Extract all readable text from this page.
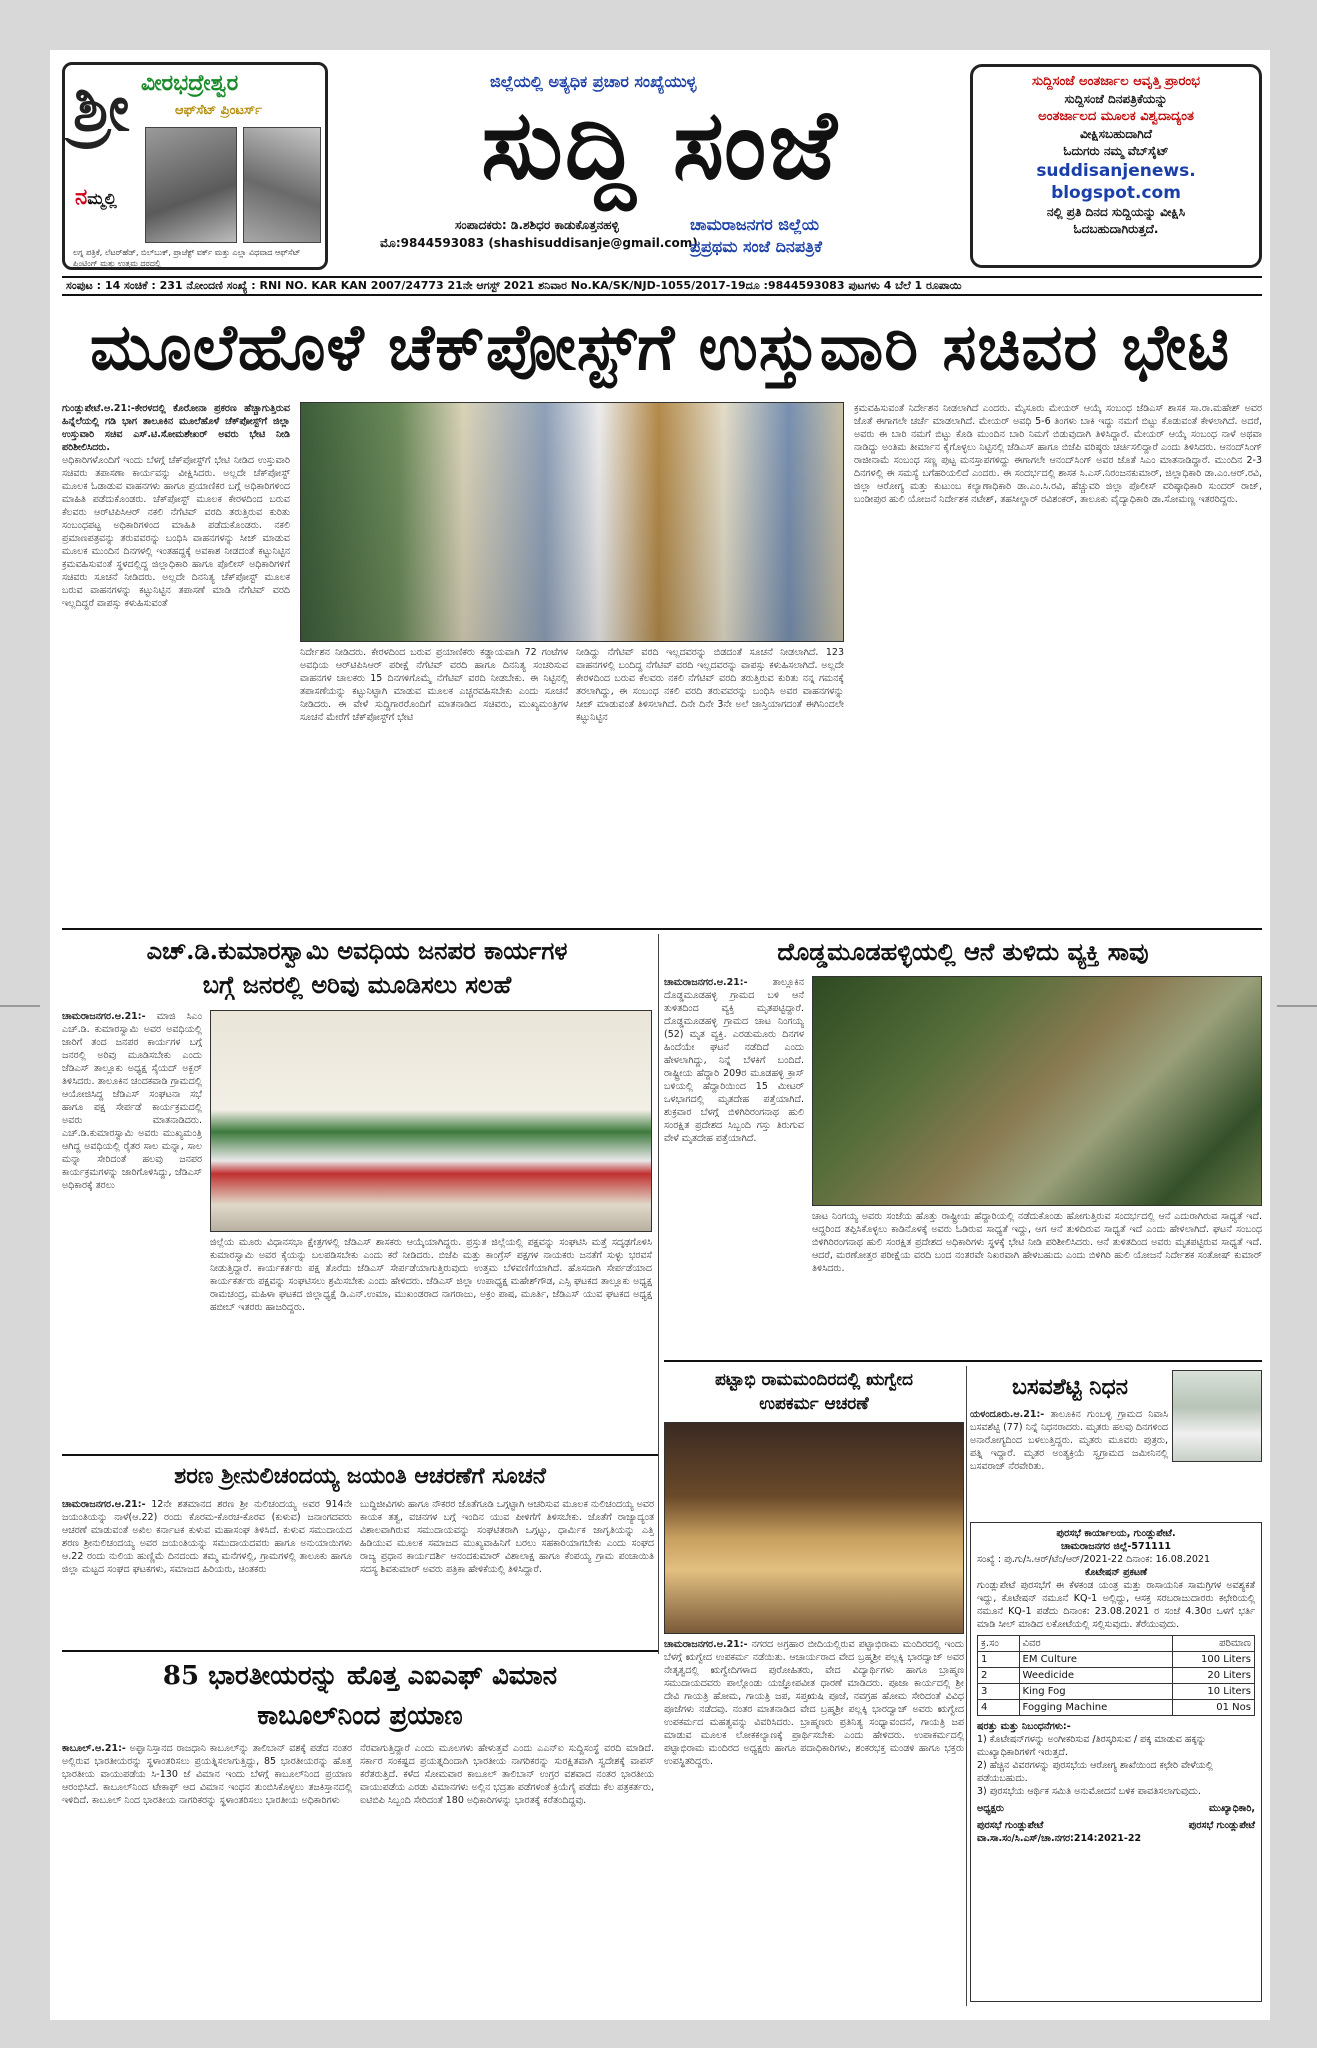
ಶ್ರೀ ವೀರಭದ್ರೇಶ್ವರ
ಆಫ್‌ಸೆಟ್ ಪ್ರಿಂಟರ್ಸ್
ನಮ್ಮಲ್ಲಿ
ಲಗ್ನ ಪತ್ರಿಕೆ, ಲೆಟರ್‌ಹೆಡ್, ಬಿಲ್‌ಬುಕ್, ಪ್ರಾಜೆಕ್ಟ್ ವರ್ಕ್ ಮತ್ತು ಎಲ್ಲಾ ವಿಧವಾದ ಆಫ್‌ಸೆಟ್ ಪ್ರಿಂಟಿಂಗ್ ಮತ್ತು ಉತ್ತಮ ದರದಲ್ಲಿ
ಜಿಲ್ಲೆಯಲ್ಲಿ ಅತ್ಯಧಿಕ ಪ್ರಚಾರ ಸಂಖ್ಯೆಯುಳ್ಳ
ಸುದ್ದಿ ಸಂಜೆ
ಸಂಪಾದಕರು: ಡಿ.ಶಶಿಧರ ಕಾಡುಕೊತ್ತನಹಳ್ಳಿ
ಮೊ:9844593083 (shashisuddisanje@gmail.com)
ಚಾಮರಾಜನಗರ ಜಿಲ್ಲೆಯ
ಪ್ರಪ್ರಥಮ ಸಂಜೆ ದಿನಪತ್ರಿಕೆ
ಸುದ್ದಿಸಂಜೆ ಅಂತರ್ಜಾಲ ಆವೃತ್ತಿ ಪ್ರಾರಂಭ
ಸುದ್ದಿಸಂಜೆ ದಿನಪತ್ರಿಕೆಯನ್ನು
ಅಂತರ್ಜಾಲದ ಮೂಲಕ ವಿಶ್ವದಾದ್ಯಂತ
ವೀಕ್ಷಿಸಬಹುದಾಗಿದೆ
ಓದುಗರು ನಮ್ಮ ವೆಬ್‌ಸೈಟ್
suddisanjenews.
blogspot.com
ನಲ್ಲಿ ಪ್ರತಿ ದಿನದ ಸುದ್ದಿಯನ್ನು ವೀಕ್ಷಿಸಿ
ಓದಬಹುದಾಗಿರುತ್ತದೆ.
ಸಂಪುಟ : 14 ಸಂಚಿಕೆ : 231 ನೋಂದಣಿ ಸಂಖ್ಯೆ : RNI NO. KAR KAN 2007/24773 21ನೇ ಆಗಸ್ಟ್ 2021 ಶನಿವಾರ No.KA/SK/NJD-1055/2017-19ದೂ :9844593083 ಪುಟಗಳು 4 ಬೆಲೆ 1 ರೂಪಾಯಿ
ಮೂಲೆಹೊಳೆ ಚೆಕ್‌ಪೋಸ್ಟ್‌ಗೆ ಉಸ್ತುವಾರಿ ಸಚಿವರ ಭೇಟಿ
ಗುಂಡ್ಲುಪೇಟೆ.ಆ.21:-ಕೇರಳದಲ್ಲಿ ಕೊರೋನಾ ಪ್ರಕರಣ ಹೆಚ್ಚಾಗುತ್ತಿರುವ ಹಿನ್ನೆಲೆಯಲ್ಲಿ ಗಡಿ ಭಾಗ ತಾಲೂಕಿನ ಮೂಲೆಹೊಳೆ ಚೆಕ್‌ಪೋಸ್ಟ್‌ಗೆ ಜಿಲ್ಲಾ ಉಸ್ತುವಾರಿ ಸಚಿವ ಎಸ್.ಟಿ.ಸೋಮಶೇಖರ್ ಅವರು ಭೇಟಿ ನೀಡಿ ಪರಿಶೀಲಿಸಿದರು.
ಅಧಿಕಾರಿಗಳೊಂದಿಗೆ ಇಂದು ಬೆಳಗ್ಗೆ ಚೆಕ್‌ಪೋಸ್ಟ್‌ಗೆ ಭೇಟಿ ನೀಡಿದ ಉಸ್ತುವಾರಿ ಸಚಿವರು ತಪಾಸಣಾ ಕಾರ್ಯವನ್ನು ವೀಕ್ಷಿಸಿದರು. ಅಲ್ಲದೇ ಚೆಕ್‌ಪೋಸ್ಟ್ ಮೂಲಕ ಓಡಾಡುವ ವಾಹನಗಳು ಹಾಗೂ ಪ್ರಯಾಣಿಕರ ಬಗ್ಗೆ ಅಧಿಕಾರಿಗಳಿಂದ ಮಾಹಿತಿ ಪಡೆದುಕೊಂಡರು. ಚೆಕ್‌ಪೋಸ್ಟ್ ಮೂಲಕ ಕೇರಳದಿಂದ ಬರುವ ಕೆಲವರು ಆರ್‌ಟಿಪಿಸಿಆರ್ ನಕಲಿ ನೆಗೆಟಿವ್ ವರದಿ ತರುತ್ತಿರುವ ಕುರಿತು ಸಂಬಂಧಪಟ್ಟ ಅಧಿಕಾರಿಗಳಿಂದ ಮಾಹಿತಿ ಪಡೆದುಕೊಂಡರು. ನಕಲಿ ಪ್ರಮಾಣಪತ್ರವನ್ನು ತರುವವರನ್ನು ಬಂಧಿಸಿ ವಾಹನಗಳನ್ನು ಸೀಜ್ ಮಾಡುವ ಮೂಲಕ ಮುಂದಿನ ದಿನಗಳಲ್ಲಿ ಇಂತಹದ್ದಕ್ಕೆ ಅವಕಾಶ ನೀಡದಂತೆ ಕಟ್ಟುನಿಟ್ಟಿನ ಕ್ರಮವಹಿಸುವಂತೆ ಸ್ಥಳದಲ್ಲಿದ್ದ ಜಿಲ್ಲಾಧಿಕಾರಿ ಹಾಗೂ ಪೊಲೀಸ್ ಅಧಿಕಾರಿಗಳಿಗೆ ಸಚಿವರು ಸೂಚನೆ ನೀಡಿದರು. ಅಲ್ಲದೇ ದಿನನಿತ್ಯ ಚೆಕ್‌ಪೋಸ್ಟ್ ಮೂಲಕ ಬರುವ ವಾಹನಗಳನ್ನು ಕಟ್ಟುನಿಟ್ಟಿನ ತಪಾಸಣೆ ಮಾಡಿ ನೆಗೆಟಿವ್ ವರದಿ ಇಲ್ಲದಿದ್ದರೆ ವಾಪಸ್ಸು ಕಳುಹಿಸುವಂತೆ
ನಿರ್ದೇಶನ ನೀಡಿದರು. ಕೇರಳದಿಂದ ಬರುವ ಪ್ರಯಾಣಿಕರು ಕಡ್ಡಾಯವಾಗಿ 72 ಗಂಟೆಗಳ ಅವಧಿಯ ಆರ್‌ಟಿಪಿಸಿಆರ್ ಪರೀಕ್ಷೆ ನೆಗೆಟಿವ್ ವರದಿ ಹಾಗೂ ದಿನನಿತ್ಯ ಸಂಚರಿಸುವ ವಾಹನಗಳ ಚಾಲಕರು 15 ದಿನಗಳಿಗೊಮ್ಮೆ ನೆಗೆಟಿವ್ ವರದಿ ನೀಡಬೇಕು. ಈ ನಿಟ್ಟಿನಲ್ಲಿ ತಪಾಸಣೆಯನ್ನು ಕಟ್ಟುನಿಟ್ಟಾಗಿ ಮಾಡುವ ಮೂಲಕ ಎಚ್ಚರವಹಿಸಬೇಕು ಎಂದು ಸೂಚನೆ ನೀಡಿದರು. ಈ ವೇಳೆ ಸುದ್ದಿಗಾರರೊಂದಿಗೆ ಮಾತನಾಡಿದ ಸಚಿವರು, ಮುಖ್ಯಮಂತ್ರಿಗಳ ಸೂಚನೆ ಮೇರೆಗೆ ಚೆಕ್‌ಪೋಸ್ಟ್‌ಗೆ ಭೇಟಿ
ನೀಡಿದ್ದು ನೆಗೆಟಿವ್ ವರದಿ ಇಲ್ಲದವರನ್ನು ಬಿಡದಂತೆ ಸೂಚನೆ ನೀಡಲಾಗಿದೆ. 123 ವಾಹನಗಳಲ್ಲಿ ಬಂದಿದ್ದ ನೆಗೆಟಿವ್ ವರದಿ ಇಲ್ಲದವರನ್ನು ವಾಪಸ್ಸು ಕಳುಹಿಸಲಾಗಿದೆ. ಅಲ್ಲದೇ ಕೇರಳದಿಂದ ಬರುವ ಕೆಲವರು ನಕಲಿ ನೆಗೆಟಿವ್ ವರದಿ ತರುತ್ತಿರುವ ಕುರಿತು ನನ್ನ ಗಮನಕ್ಕೆ ತರಲಾಗಿದ್ದು, ಈ ಸಂಬಂಧ ನಕಲಿ ವರದಿ ತರುವವರನ್ನು ಬಂಧಿಸಿ ಅವರ ವಾಹನಗಳನ್ನು ಸೀಜ್ ಮಾಡುವಂತೆ ತಿಳಿಸಲಾಗಿದೆ. ದಿನೇ ದಿನೇ 3ನೇ ಅಲೆ ಜಾಸ್ತಿಯಾಗದಂತೆ ಈಗಿನಿಂದಲೇ ಕಟ್ಟುನಿಟ್ಟಿನ
ಕ್ರಮವಹಿಸುವಂತೆ ನಿರ್ದೇಶನ ನೀಡಲಾಗಿದೆ ಎಂದರು. ಮೈಸೂರು ಮೇಯರ್ ಆಯ್ಕೆ ಸಂಬಂಧ ಜೆಡಿಎಸ್ ಶಾಸಕ ಸಾ.ರಾ.ಮಹೇಶ್ ಅವರ ಜೊತೆ ಈಗಾಗಲೇ ಚರ್ಚೆ ಮಾಡಲಾಗಿದೆ. ಮೇಯರ್ ಅವಧಿ 5-6 ತಿಂಗಳು ಬಾಕಿ ಇದ್ದು ನಮಗೆ ಬಿಟ್ಟು ಕೊಡುವಂತೆ ಕೇಳಲಾಗಿದೆ. ಅದರೆ, ಅವರು ಈ ಬಾರಿ ನಮಗೆ ಬಿಟ್ಟು ಕೊಡಿ ಮುಂದಿನ ಬಾರಿ ನಿಮಗೆ ಬಿಡುವುದಾಗಿ ತಿಳಿಸಿದ್ದಾರೆ. ಮೇಯರ್ ಆಯ್ಕೆ ಸಂಬಂಧ ನಾಳೆ ಅಥವಾ ನಾಡಿದ್ದು ಅಂತಿಮ ತೀರ್ಮಾನ ಕೈಗೊಳ್ಳಲು ನಿಟ್ಟಿನಲ್ಲಿ ಜೆಡಿಎಸ್ ಹಾಗೂ ಬಿಜೆಪಿ ವರಿಷ್ಠರು ಚರ್ಚಿಸಲಿದ್ದಾರೆ ಎಂದು ತಿಳಿಸಿದರು. ಆನಂದ್‌ಸಿಂಗ್ ರಾಜೀನಾಮೆ ಸಂಬಂಧ ಸಣ್ಣ ಪುಟ್ಟ ಮನಸ್ತಾಪಗಳಿದ್ದು ಈಗಾಗಲೇ ಆನಂದ್‌ಸಿಂಗ್ ಅವರ ಜೊತೆ ಸಿಎಂ ಮಾತನಾಡಿದ್ದಾರೆ. ಮುಂದಿನ 2-3 ದಿನಗಳಲ್ಲಿ ಈ ಸಮಸ್ಯೆ ಬಗೆಹರಿಯಲಿದೆ ಎಂದರು. ಈ ಸಂದರ್ಭದಲ್ಲಿ ಶಾಸಕ ಸಿ.ಎಸ್.ನಿರಂಜನಕುಮಾರ್, ಜಿಲ್ಲಾಧಿಕಾರಿ ಡಾ.ಎಂ.ಆರ್.ರವಿ, ಜಿಲ್ಲಾ ಆರೋಗ್ಯ ಮತ್ತು ಕುಟುಂಬ ಕಲ್ಯಾಣಾಧಿಕಾರಿ ಡಾ.ಎಂ.ಸಿ.ರವಿ, ಹೆಚ್ಚುವರಿ ಜಿಲ್ಲಾ ಪೊಲೀಸ್ ವರಿಷ್ಠಾಧಿಕಾರಿ ಸುಂದರ್ ರಾಜ್, ಬಂಡೀಪುರ ಹುಲಿ ಯೋಜನೆ ನಿರ್ದೇಶಕ ನಟೇಶ್, ತಹಸೀಲ್ದಾರ್ ರವಿಶಂಕರ್, ತಾಲೂಕು ವೈದ್ಯಾಧಿಕಾರಿ ಡಾ.ಸೋಮಣ್ಣ ಇತರರಿದ್ದರು.
ಎಚ್.ಡಿ.ಕುಮಾರಸ್ವಾಮಿ ಅವಧಿಯ ಜನಪರ ಕಾರ್ಯಗಳ
ಬಗ್ಗೆ ಜನರಲ್ಲಿ ಅರಿವು ಮೂಡಿಸಲು ಸಲಹೆ
ಚಾಮರಾಜನಗರ.ಆ.21:- ಮಾಜಿ ಸಿಎಂ ಎಚ್.ಡಿ. ಕುಮಾರಸ್ವಾಮಿ ಅವರ ಅವಧಿಯಲ್ಲಿ ಜಾರಿಗೆ ತಂದ ಜನಪರ ಕಾರ್ಯಗಳ ಬಗ್ಗೆ ಜನರಲ್ಲಿ ಅರಿವು ಮೂಡಿಸಬೇಕು ಎಂದು ಜೆಡಿಎಸ್ ತಾಲ್ಲೂಕು ಅಧ್ಯಕ್ಷ ಸೈಯದ್ ಅಕ್ಬರ್ ತಿಳಿಸಿದರು. ತಾಲೂಕಿನ ಚಂದಕವಾಡಿ ಗ್ರಾಮದಲ್ಲಿ ಆಯೋಜಿಸಿದ್ದ ಜೆಡಿಎಸ್ ಸಂಘಟನಾ ಸಭೆ ಹಾಗೂ ಪಕ್ಷ ಸೇರ್ಪಡೆ ಕಾರ್ಯಕ್ರಮದಲ್ಲಿ ಅವರು ಮಾತನಾಡಿದರು. ಎಚ್.ಡಿ.ಕುಮಾರಸ್ವಾಮಿ ಅವರು ಮುಖ್ಯಮಂತ್ರಿ ಆಗಿದ್ದ ಅವಧಿಯಲ್ಲಿ ರೈತರ ಸಾಲ ಮನ್ನಾ, ಸಾಲ ಮನ್ನಾ ಸೇರಿದಂತೆ ಹಲವು ಜನಪರ ಕಾರ್ಯಕ್ರಮಗಳನ್ನು ಜಾರಿಗೊಳಿಸಿದ್ದು, ಜೆಡಿಎಸ್ ಅಧಿಕಾರಕ್ಕೆ ತರಲು
ಜಿಲ್ಲೆಯ ಮೂರು ವಿಧಾನಸಭಾ ಕ್ಷೇತ್ರಗಳಲ್ಲಿ ಜೆಡಿಎಸ್ ಶಾಸಕರು ಆಯ್ಕೆಯಾಗಿದ್ದರು. ಪ್ರಸ್ತುತ ಜಿಲ್ಲೆಯಲ್ಲಿ ಪಕ್ಷವನ್ನು ಸಂಘಟಿಸಿ ಮತ್ತೆ ಸದೃಢಗೊಳಿಸಿ ಕುಮಾರಸ್ವಾಮಿ ಅವರ ಕೈಯನ್ನು ಬಲಪಡಿಸಬೇಕು ಎಂದು ಕರೆ ನೀಡಿದರು. ಬಿಜೆಪಿ ಮತ್ತು ಕಾಂಗ್ರೆಸ್ ಪಕ್ಷಗಳ ನಾಯಕರು ಜನತೆಗೆ ಸುಳ್ಳು ಭರವಸೆ ನೀಡುತ್ತಿದ್ದಾರೆ. ಕಾರ್ಯಕರ್ತರು ಪಕ್ಷ ತೊರೆದು ಜೆಡಿಎಸ್ ಸೇರ್ಪಡೆಯಾಗುತ್ತಿರುವುದು ಉತ್ತಮ ಬೆಳವಣಿಗೆಯಾಗಿದೆ. ಹೊಸದಾಗಿ ಸೇರ್ಪಡೆಯಾದ ಕಾರ್ಯಕರ್ತರು ಪಕ್ಷವನ್ನು ಸಂಘಟಿಸಲು ಶ್ರಮಿಸಬೇಕು ಎಂದು ಹೇಳಿದರು. ಜೆಡಿಎಸ್ ಜಿಲ್ಲಾ ಉಪಾಧ್ಯಕ್ಷ ಮಹೇಶ್‌ಗೌಡ, ಎಸ್ಸಿ ಘಟಕದ ತಾಲ್ಲೂಕು ಅಧ್ಯಕ್ಷ ರಾಮಚಂದ್ರ, ಮಹಿಳಾ ಘಟಕದ ಜಿಲ್ಲಾಧ್ಯಕ್ಷೆ ಡಿ.ಎನ್.ಉಮಾ, ಮುಖಂಡರಾದ ನಾಗರಾಜು, ಅಕ್ರಂ ಪಾಷ, ಮೂರ್ತಿ, ಜೆಡಿಎಸ್ ಯುವ ಘಟಕದ ಅಧ್ಯಕ್ಷ ಹಬೀಬ್ ಇತರರು ಹಾಜರಿದ್ದರು.
ದೊಡ್ಡಮೂಡಹಳ್ಳಿಯಲ್ಲಿ ಆನೆ ತುಳಿದು ವ್ಯಕ್ತಿ ಸಾವು
ಚಾಮರಾಜನಗರ.ಆ.21:-	ತಾಲ್ಲೂಕಿನ ದೊಡ್ಡಮೂಡಹಳ್ಳಿ ಗ್ರಾಮದ ಬಳಿ ಆನೆ ತುಳಿತದಿಂದ ವ್ಯಕ್ತಿ ಮೃತಪಟ್ಟಿದ್ದಾರೆ. ದೊಡ್ಡಮೂಡಹಳ್ಳಿ ಗ್ರಾಮದ ಚಾಟ ನಿಂಗಯ್ಯ (52) ಮೃತ ವ್ಯಕ್ತಿ. ಎರಡುಮೂರು ದಿನಗಳ ಹಿಂದೆಯೇ ಘಟನೆ ನಡೆದಿದೆ ಎಂದು ಹೇಳಲಾಗಿದ್ದು, ನಿನ್ನೆ ಬೆಳಕಿಗೆ ಬಂದಿದೆ. ರಾಷ್ಟ್ರೀಯ ಹೆದ್ದಾರಿ 209ರ ಮೂಡಹಳ್ಳಿ ಕ್ರಾಸ್ ಬಳಿಯಲ್ಲಿ ಹೆದ್ದಾರಿಯಿಂದ 15 ಮೀಟರ್ ಒಳಭಾಗದಲ್ಲಿ ಮೃತದೇಹ ಪತ್ತೆಯಾಗಿದೆ. ಶುಕ್ರವಾರ ಬೆಳಗ್ಗೆ ಬಿಳಿಗಿರಿರಂಗನಾಥ ಹುಲಿ ಸಂರಕ್ಷಿತ ಪ್ರದೇಶದ ಸಿಬ್ಬಂದಿ ಗಸ್ತು ತಿರುಗುವ ವೇಳೆ ಮೃತದೇಹ ಪತ್ತೆಯಾಗಿದೆ.
ಚಾಟ ನಿಂಗಯ್ಯ ಅವರು ಸಂಜೆಯ ಹೊತ್ತು ರಾಷ್ಟ್ರೀಯ ಹೆದ್ದಾರಿಯಲ್ಲಿ ನಡೆದುಕೊಂಡು ಹೋಗುತ್ತಿರುವ ಸಂದರ್ಭದಲ್ಲಿ ಆನೆ ಎದುರಾಗಿರುವ ಸಾಧ್ಯತೆ ಇದೆ. ಆದ್ದರಿಂದ ತಪ್ಪಿಸಿಕೊಳ್ಳಲು ಕಾಡಿನೊಳಕ್ಕೆ ಅವರು ಓಡಿರುವ ಸಾಧ್ಯತೆ ಇದ್ದು, ಆಗ ಆನೆ ತುಳಿದಿರುವ ಸಾಧ್ಯತೆ ಇದೆ ಎಂದು ಹೇಳಲಾಗಿದೆ. ಘಟನೆ ಸಂಬಂಧ ಬಿಳಿಗಿರಿರಂಗನಾಥ ಹುಲಿ ಸಂರಕ್ಷಿತ ಪ್ರದೇಶದ ಅಧಿಕಾರಿಗಳು ಸ್ಥಳಕ್ಕೆ ಭೇಟಿ ನೀಡಿ ಪರಿಶೀಲಿಸಿದರು. ಆನೆ ತುಳಿತದಿಂದ ಅವರು ಮೃತಪಟ್ಟಿರುವ ಸಾಧ್ಯತೆ ಇದೆ. ಆದರೆ, ಮರಣೋತ್ತರ ಪರೀಕ್ಷೆಯ ವರದಿ ಬಂದ ನಂತರವೇ ನಿಖರವಾಗಿ ಹೇಳಬಹುದು ಎಂದು ಬಿಳಿಗಿರಿ ಹುಲಿ ಯೋಜನೆ ನಿರ್ದೇಶಕ ಸಂತೋಷ್ ಕುಮಾರ್ ತಿಳಿಸಿದರು.
ಶರಣ ಶ್ರೀನುಲಿಚಂದಯ್ಯ ಜಯಂತಿ ಆಚರಣೆಗೆ ಸೂಚನೆ
ಚಾಮರಾಜನಗರ.ಆ.21:- 12ನೇ ಶತಮಾನದ ಶರಣ ಶ್ರೀ ನುಲಿಚಂದಯ್ಯ ಅವರ 914ನೇ ಜಯಂತಿಯನ್ನು ನಾಳೆ(ಆ.22) ರಂದು ಕೊರಮ-ಕೊರಚ-ಕೊರವ (ಕುಳುವ) ಜನಾಂಗದವರು ಆಚರಣೆ ಮಾಡುವಂತೆ ಅಖಿಲ ಕರ್ನಾಟಕ ಕುಳುವ ಮಹಾಸಂಘ ತಿಳಿಸಿದೆ. ಕುಳುವ ಸಮುದಾಯದ ಶರಣ ಶ್ರೀನುಲಿಚಂದಯ್ಯ ಅವರ ಜಯಂತಿಯನ್ನು ಸಮುದಾಯದವರು ಹಾಗೂ ಅನುಯಾಯಿಗಳು ಆ.22 ರಂದು ನುಲಿಯ ಹುಣ್ಣಿಮೆ ದಿನದಂದು ತಮ್ಮ ಮನೆಗಳಲ್ಲಿ, ಗ್ರಾಮಗಳಲ್ಲಿ ತಾಲೂಕು ಹಾಗೂ ಜಿಲ್ಲಾ ಮಟ್ಟದ ಸಂಘದ ಘಟಕಗಳು, ಸಮಾಜದ ಹಿರಿಯರು, ಚಿಂತಕರು
ಬುದ್ಧಿಜೀವಿಗಳು ಹಾಗೂ ನೌಕರರ ಜೊತೆಗೂಡಿ ಒಗ್ಗಟ್ಟಾಗಿ ಆಚರಿಸುವ ಮೂಲಕ ನುಲಿಚಂದಯ್ಯ ಅವರ ಕಾಯಕ ತತ್ವ, ವಚನಗಳ ಬಗ್ಗೆ ಇಂದಿನ ಯುವ ಪೀಳಿಗೆಗೆ ತಿಳಿಸಬೇಕು. ಜೊತೆಗೆ ರಾಜ್ಯಾದ್ಯಂತ ವಿಶಾಲವಾಗಿರುವ ಸಮುದಾಯವನ್ನು ಸಂಘಟಿತರಾಗಿ ಒಗ್ಗಟ್ಟು, ಧಾರ್ಮಿಕ ಜಾಗೃತಿಯನ್ನು ಎತ್ತಿ ಹಿಡಿಯುವ ಮೂಲಕ ಸಮಾಜದ ಮುಖ್ಯವಾಹಿನಿಗೆ ಬರಲು ಸಹಕಾರಿಯಾಗಬೇಕು ಎಂದು ಸಂಘದ ರಾಜ್ಯ ಪ್ರಧಾನ ಕಾರ್ಯದರ್ಶಿ ಆನಂದಕುಮಾರ್ ವಿಶಾಲಾಕ್ಷ ಹಾಗೂ ಕೆಂಪಯ್ಯ ಗ್ರಾಮ ಪಂಚಾಯಿತಿ ಸದಸ್ಯ ಶಿವಕುಮಾರ್ ಅವರು ಪತ್ರಿಕಾ ಹೇಳಿಕೆಯಲ್ಲಿ ತಿಳಿಸಿದ್ದಾರೆ.
ಪಟ್ಟಾಭಿ ರಾಮಮಂದಿರದಲ್ಲಿ ಋಗ್ವೇದ
ಉಪಕರ್ಮ ಆಚರಣೆ
ಚಾಮರಾಜನಗರ.ಆ.21:- ನಗರದ ಅಗ್ರಹಾರ ಬೀದಿಯಲ್ಲಿರುವ ಪಟ್ಟಾಭಿರಾಮ ಮಂದಿರದಲ್ಲಿ ಇಂದು ಬೆಳಗ್ಗೆ ಋಗ್ವೇದ ಉಪಕರ್ಮ ನಡೆಯಿತು. ಆಚಾರ್ಯರಾದ ವೇದ ಬ್ರಹ್ಮಶ್ರೀ ಪಲ್ಲಕ್ಕಿ ಭಾರದ್ವಾಜ್ ಅವರ ನೇತೃತ್ವದಲ್ಲಿ ಋಗ್ವೇದಿಗಳಾದ ಪುರೋಹಿತರು, ವೇದ ವಿದ್ಯಾರ್ಥಿಗಳು ಹಾಗೂ ಬ್ರಾಹ್ಮಣ ಸಮುದಾಯದವರು ಪಾಲ್ಗೊಂಡು ಯಜ್ಞೋಪವೀತ ಧಾರಣೆ ಮಾಡಿದರು. ಪೂಜಾ ಕಾರ್ಯದಲ್ಲಿ ಶ್ರೀ ದೇವಿ ಗಾಯತ್ರಿ ಹೋಮ, ಗಾಯತ್ರಿ ಜಪ, ಸಪ್ತಋಷಿ ಪೂಜೆ, ನವಗ್ರಹ ಹೋಮ ಸೇರಿದಂತೆ ವಿವಿಧ ಪೂಜೆಗಳು ನಡೆದವು. ನಂತರ ಮಾತನಾಡಿದ ವೇದ ಬ್ರಹ್ಮಶ್ರೀ ಪಲ್ಲಕ್ಕಿ ಭಾರದ್ವಾಜ್ ಅವರು ಋಗ್ವೇದ ಉಪಕರ್ಮದ ಮಹತ್ವವನ್ನು ವಿವರಿಸಿದರು. ಬ್ರಾಹ್ಮಣರು ಪ್ರತಿನಿತ್ಯ ಸಂಧ್ಯಾವಂದನೆ, ಗಾಯತ್ರಿ ಜಪ ಮಾಡುವ ಮೂಲಕ ಲೋಕಕಲ್ಯಾಣಕ್ಕೆ ಪ್ರಾರ್ಥಿಸಬೇಕು ಎಂದು ಹೇಳಿದರು. ಉಪಾಕರ್ಮದಲ್ಲಿ ಪಟ್ಟಾಭಿರಾಮ ಮಂದಿರದ ಅಧ್ಯಕ್ಷರು ಹಾಗೂ ಪದಾಧಿಕಾರಿಗಳು, ಶಂಕರಭಕ್ತ ಮಂಡಳಿ ಹಾಗೂ ಭಕ್ತರು ಉಪಸ್ಥಿತರಿದ್ದರು.
ಬಸವಶೆಟ್ಟಿ ನಿಧನ
ಯಳಂದೂರು.ಆ.21:- ತಾಲೂಕಿನ ಗುಂಬಳ್ಳಿ ಗ್ರಾಮದ ನಿವಾಸಿ ಬಸವಶೆಟ್ಟಿ (77) ನಿನ್ನೆ ನಿಧನರಾದರು. ಮೃತರು ಹಲವು ದಿನಗಳಿಂದ ಅನಾರೋಗ್ಯದಿಂದ ಬಳಲುತ್ತಿದ್ದರು. ಮೃತರು ಮೂವರು ಪುತ್ರರು, ಪತ್ನಿ ಇದ್ದಾರೆ. ಮೃತರ ಅಂತ್ಯಕ್ರಿಯೆ ಸ್ವಗ್ರಾಮದ ಜಮೀನಿನಲ್ಲಿ ಬಸವರಾಜ್ ನೆರವೇರಿತು.
85 ಭಾರತೀಯರನ್ನು ಹೊತ್ತ ಎಐಎಫ್ ವಿಮಾನ
ಕಾಬೂಲ್‌ನಿಂದ ಪ್ರಯಾಣ
ಕಾಬೂಲ್.ಆ.21:- ಅಫ್ಘಾನಿಸ್ತಾನದ ರಾಜಧಾನಿ ಕಾಬೂಲ್‌ನ್ನು ತಾಲಿಬಾನ್ ವಶಕ್ಕೆ ಪಡೆದ ನಂತರ ಅಲ್ಲಿರುವ ಭಾರತೀಯರನ್ನು ಸ್ಥಳಾಂತರಿಸಲು ಪ್ರಯತ್ನಿಸಲಾಗುತ್ತಿದ್ದು, 85 ಭಾರತೀಯರನ್ನು ಹೊತ್ತ ಭಾರತೀಯ ವಾಯುಪಡೆಯ ಸಿ-130 ಜೆ ವಿಮಾನ ಇಂದು ಬೆಳಗ್ಗೆ ಕಾಬೂಲ್‌ನಿಂದ ಪ್ರಯಾಣ ಆರಂಭಿಸಿದೆ. ಕಾಬೂಲ್‌ನಿಂದ ಟೇಕಾಫ್ ಆದ ವಿಮಾನ ಇಂಧನ ತುಂಬಿಸಿಕೊಳ್ಳಲು ತಜಕಿಸ್ತಾನದಲ್ಲಿ ಇಳಿದಿದೆ. ಕಾಬೂಲ್ ನಿಂದ ಭಾರತೀಯ ನಾಗರಿಕರನ್ನು ಸ್ಥಳಾಂತರಿಸಲು ಭಾರತೀಯ ಅಧಿಕಾರಿಗಳು
ನೆರವಾಗುತ್ತಿದ್ದಾರೆ ಎಂದು ಮೂಲಗಳು ಹೇಳುತ್ತವೆ ಎಂದು ಎಎನ್‌ಐ ಸುದ್ದಿಸಂಸ್ಥೆ ವರದಿ ಮಾಡಿದೆ. ಸರ್ಕಾರ ಸಂಕಷ್ಟದ ಪ್ರಯತ್ನದಿಂದಾಗಿ ಭಾರತೀಯ ನಾಗರಿಕರನ್ನು ಸುರಕ್ಷಿತವಾಗಿ ಸ್ವದೇಶಕ್ಕೆ ವಾಪಸ್ ಕರೆತರುತ್ತಿದೆ. ಕಳೆದ ಸೋಮವಾರ ಕಾಬೂಲ್ ತಾಲಿಬಾನ್ ಉಗ್ರರ ವಶವಾದ ನಂತರ ಭಾರತೀಯ ವಾಯುಪಡೆಯ ಎರಡು ವಿಮಾನಗಳು ಅಲ್ಲಿನ ಭದ್ರತಾ ಪಡೆಗಳಂತೆ ಕ್ರಿಯೆಗೈ ಪಡೆದು ಕೆಲ ಪತ್ರಕರ್ತರು, ಐಟಿಬಿಪಿ ಸಿಬ್ಬಂದಿ ಸೇರಿದಂತೆ 180 ಅಧಿಕಾರಿಗಳನ್ನು ಭಾರತಕ್ಕೆ ಕರೆತಂದಿದ್ದವು.
ಪುರಸಭೆ ಕಾರ್ಯಾಲಯ, ಗುಂಡ್ಲುಪೇಟೆ.
ಚಾಮರಾಜನಗರ ಜಿಲ್ಲೆ-571111
ಸಂಖ್ಯೆ : ಪು.ಗು/ಸಿ.ಆರ್/ಟೆಂ/ಆರ್/2021-22 ದಿನಾಂಕ: 16.08.2021
ಕೊಟೇಷನ್ ಪ್ರಕಟಣೆ
ಗುಂಡ್ಲುಪೇಟೆ ಪುರಸಭೆಗೆ ಈ ಕೆಳಕಂಡ ಯಂತ್ರ ಮತ್ತು ರಾಸಾಯನಿಕ ಸಾಮಗ್ರಿಗಳ ಅವಶ್ಯಕತೆ ಇದ್ದು, ಕೊಟೇಷನ್ ನಮೂನೆ KQ-1 ಅಲ್ಲಿದ್ದು, ಆಸಕ್ತ ಸರಬರಾಜುದಾರರು ಕಛೇರಿಯಲ್ಲಿ ನಮೂನೆ KQ-1 ಪಡೆದು ದಿನಾಂಕ: 23.08.2021 ರ ಸಂಜೆ 4.30ರ ಒಳಗೆ ಭರ್ತಿ ಮಾಡಿ ಸೀಲ್ ಮಾಡಿದ ಲಕೋಟೆಯಲ್ಲಿ ಸಲ್ಲಿಸುವುದು. ತೆರೆಯುವುದು.
ಕ್ರ.ಸಂ	ವಿವರ	ಪರಿಮಾಣ
1	EM Culture	100 Liters
2	Weedicide	20 Liters
3	King Fog	10 Liters
4	Fogging Machine	01 Nos
ಷರತ್ತು ಮತ್ತು ನಿಬಂಧನೆಗಳು:-
1) ಕೊಟೇಷನ್‌ಗಳನ್ನು ಅಂಗೀಕರಿಸುವ /ತಿರಸ್ಕರಿಸುವ / ಪಕ್ಕ ಮಾಡುವ ಹಕ್ಕನ್ನು ಮುಖ್ಯಾಧಿಕಾರಿಗಳಿಗೆ ಇರುತ್ತದೆ.
2) ಹೆಚ್ಚಿನ ವಿವರಗಳನ್ನು ಪುರಸಭೆಯ ಆರೋಗ್ಯ ಶಾಖೆಯಿಂದ ಕಛೇರಿ ವೇಳೆಯಲ್ಲಿ ಪಡೆಯಬಹುದು.
3) ಪುರಸಭೆಯ ಆರ್ಥಿಕ ಸಮಿತಿ ಅನುಮೋದನೆ ಬಳಿಕ ಪಾವತಿಸಲಾಗುವುದು.
ಅಧ್ಯಕ್ಷರು	ಮುಖ್ಯಾಧಿಕಾರಿ,
ಪುರಸಭೆ ಗುಂಡ್ಲುಪೇಟೆ	ಪುರಸಭೆ ಗುಂಡ್ಲುಪೇಟೆ
ವಾ.ಸಾ.ಸಂ/ಸಿ.ಎಸ್/ಚಾ.ನಗರ:214:2021-22
